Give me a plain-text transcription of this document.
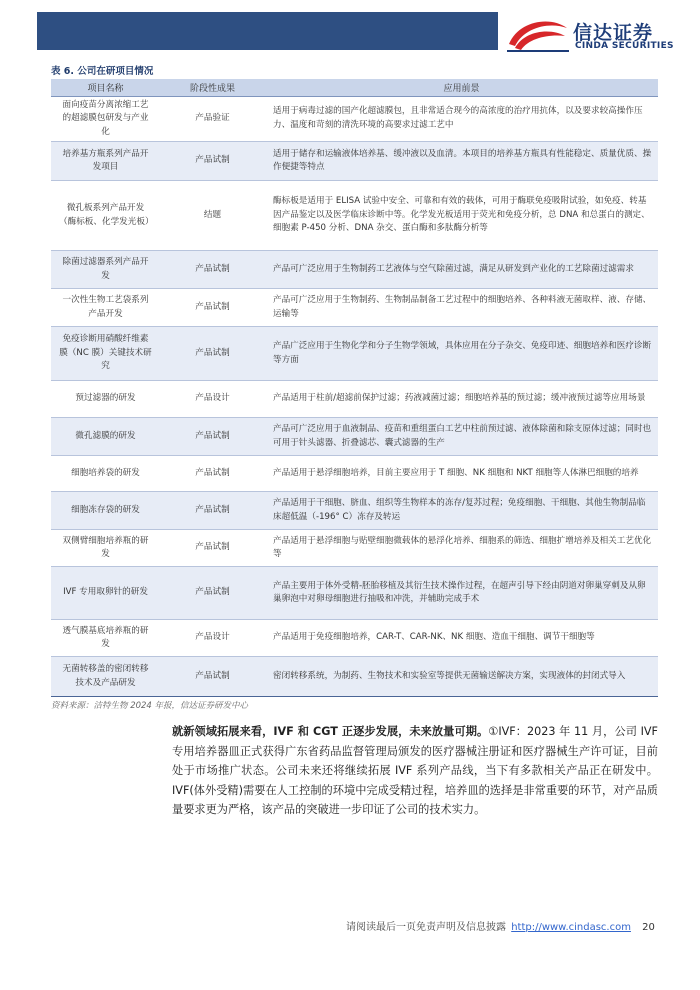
信达证券
CINDA SECURITIES
表 6. 公司在研项目情况
项目名称	阶段性成果	应用前景
面向疫苗分离浓缩工艺的超滤膜包研发与产业化	产品验证	适用于病毒过滤的国产化超滤膜包，且非常适合现今的高浓度的治疗用抗体，以及要求较高操作压力、温度和苛刻的清洗环境的高要求过滤工艺中
培养基方瓶系列产品开发项目	产品试制	适用于储存和运输液体培养基、缓冲液以及血清。本项目的培养基方瓶具有性能稳定、质量优质、操作便捷等特点
微孔板系列产品开发（酶标板、化学发光板）	结题	酶标板是适用于 ELISA 试验中安全、可靠和有效的载体，可用于酶联免疫吸附试验，如免疫、转基因产品鉴定以及医学临床诊断中等。化学发光板适用于荧光和免疫分析，总 DNA 和总蛋白的测定、细胞素 P-450 分析、DNA 杂交、蛋白酶和多肽酶分析等
除菌过滤器系列产品开发	产品试制	产品可广泛应用于生物制药工艺液体与空气除菌过滤，满足从研发到产业化的工艺除菌过滤需求
一次性生物工艺袋系列产品开发	产品试制	产品可广泛应用于生物制药、生物制品制备工艺过程中的细胞培养、各种料液无菌取样、液、存储、运输等
免疫诊断用硝酸纤维素膜（NC 膜）关键技术研究	产品试制	产品广泛应用于生物化学和分子生物学领域，具体应用在分子杂交、免疫印迹、细胞培养和医疗诊断等方面
预过滤器的研发	产品设计	产品适用于柱前/超滤前保护过滤；药液减菌过滤；细胞培养基的预过滤；缓冲液预过滤等应用场景
微孔滤膜的研发	产品试制	产品可广泛应用于血液制品、疫苗和重组蛋白工艺中柱前预过滤、液体除菌和除支原体过滤；同时也可用于针头滤器、折叠滤芯、囊式滤器的生产
细胞培养袋的研发	产品试制	产品适用于悬浮细胞培养，目前主要应用于 T 细胞、NK 细胞和 NKT 细胞等人体淋巴细胞的培养
细胞冻存袋的研发	产品试制	产品适用于干细胞、脐血、组织等生物样本的冻存/复苏过程；免疫细胞、干细胞、其他生物制品临床超低温（-196° C）冻存及转运
双侧臂细胞培养瓶的研发	产品试制	产品适用于悬浮细胞与贴壁细胞微载体的悬浮化培养、细胞系的筛选、细胞扩增培养及相关工艺优化等
IVF 专用取卵针的研发	产品试制	产品主要用于体外受精-胚胎移植及其衍生技术操作过程，在超声引导下经由阴道对卵巢穿刺及从卵巢卵泡中对卵母细胞进行抽吸和冲洗，并辅助完成手术
透气膜基底培养瓶的研发	产品设计	产品适用于免疫细胞培养，CAR-T、CAR-NK、NK 细胞、造血干细胞、调节干细胞等
无菌转移盖的密闭转移技术及产品研发	产品试制	密闭转移系统，为制药、生物技术和实验室等提供无菌输送解决方案，实现液体的封闭式导入
资料来源：洁特生物 2024 年报，信达证券研发中心
就新领域拓展来看，IVF 和 CGT 正逐步发展，未来放量可期。①IVF：2023 年 11 月，公司 IVF 专用培养器皿正式获得广东省药品监督管理局颁发的医疗器械注册证和医疗器械生产许可证，目前处于市场推广状态。公司未来还将继续拓展 IVF 系列产品线，当下有多款相关产品正在研发中。IVF(体外受精)需要在人工控制的环境中完成受精过程，培养皿的选择是非常重要的环节，对产品质量要求更为严格，该产品的突破进一步印证了公司的技术实力。
请阅读最后一页免责声明及信息披露 http://www.cindasc.com 20
